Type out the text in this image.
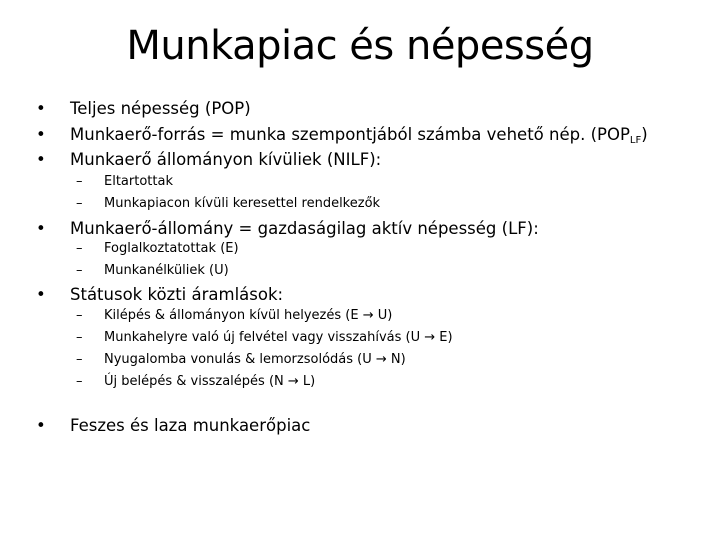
Munkapiac és népesség
• Teljes népesség (POP)
• Munkaerő-forrás = munka szempontjából számba vehető nép. $(POP_{LF})$
• Munkaerő állományon kívüliek (NILF):
– Eltartottak
– Munkapiacon kívüli keresettel rendelkezők
• Munkaerő-állomány = gazdaságilag aktív népesség (LF):
– Foglalkoztatottak (E)
– Munkanélküliek (U)
• Státusok közti áramlások:
– Kilépés & állományon kívül helyezés (E → U)
– Munkahelyre való új felvétel vagy visszahívás (U → E)
– Nyugalomba vonulás & lemorzsolódás (U → N)
– Új belépés & visszalépés (N → L)
• Feszes és laza munkaerőpiac
